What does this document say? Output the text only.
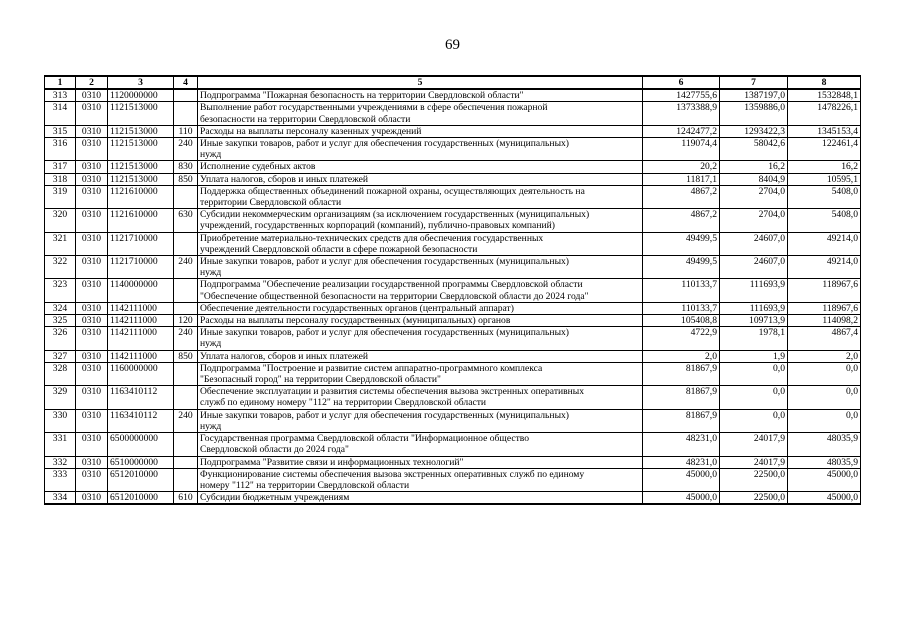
69
1	2	3	4	5	6	7	8
313	0310	1120000000		Подпрограмма "Пожарная безопасность на территории Свердловской области"	1427755,6	1387197,0	1532848,1
314	0310	1121513000		Выполнение работ государственными учреждениями в сфере обеспечения пожарной
безопасности на территории Свердловской области	1373388,9	1359886,0	1478226,1
315	0310	1121513000	110	Расходы на выплаты персоналу казенных учреждений	1242477,2	1293422,3	1345153,4
316	0310	1121513000	240	Иные закупки товаров, работ и услуг для обеспечения государственных (муниципальных)
нужд	119074,4	58042,6	122461,4
317	0310	1121513000	830	Исполнение судебных актов	20,2	16,2	16,2
318	0310	1121513000	850	Уплата налогов, сборов и иных платежей	11817,1	8404,9	10595,1
319	0310	1121610000		Поддержка общественных объединений пожарной охраны, осуществляющих деятельность на
территории Свердловской области	4867,2	2704,0	5408,0
320	0310	1121610000	630	Субсидии некоммерческим организациям (за исключением государственных (муниципальных)
учреждений, государственных корпораций (компаний), публично-правовых компаний)	4867,2	2704,0	5408,0
321	0310	1121710000		Приобретение материально-технических средств для обеспечения государственных
учреждений Свердловской области в сфере пожарной безопасности	49499,5	24607,0	49214,0
322	0310	1121710000	240	Иные закупки товаров, работ и услуг для обеспечения государственных (муниципальных)
нужд	49499,5	24607,0	49214,0
323	0310	1140000000		Подпрограмма "Обеспечение реализации государственной программы Свердловской области
"Обеспечение общественной безопасности на территории Свердловской области до 2024 года"	110133,7	111693,9	118967,6
324	0310	1142111000		Обеспечение деятельности государственных органов (центральный аппарат)	110133,7	111693,9	118967,6
325	0310	1142111000	120	Расходы на выплаты персоналу государственных (муниципальных) органов	105408,8	109713,9	114098,2
326	0310	1142111000	240	Иные закупки товаров, работ и услуг для обеспечения государственных (муниципальных)
нужд	4722,9	1978,1	4867,4
327	0310	1142111000	850	Уплата налогов, сборов и иных платежей	2,0	1,9	2,0
328	0310	1160000000		Подпрограмма "Построение и развитие систем аппаратно-программного комплекса
"Безопасный город" на территории Свердловской области"	81867,9	0,0	0,0
329	0310	1163410112		Обеспечение эксплуатации и развития системы обеспечения вызова экстренных оперативных
служб по единому номеру "112" на территории Свердловской области	81867,9	0,0	0,0
330	0310	1163410112	240	Иные закупки товаров, работ и услуг для обеспечения государственных (муниципальных)
нужд	81867,9	0,0	0,0
331	0310	6500000000		Государственная программа Свердловской области "Информационное общество
Свердловской области до 2024 года"	48231,0	24017,9	48035,9
332	0310	6510000000		Подпрограмма "Развитие связи и информационных технологий"	48231,0	24017,9	48035,9
333	0310	6512010000		Функционирование системы обеспечения вызова экстренных оперативных служб по единому
номеру "112" на территории Свердловской области	45000,0	22500,0	45000,0
334	0310	6512010000	610	Субсидии бюджетным учреждениям	45000,0	22500,0	45000,0
